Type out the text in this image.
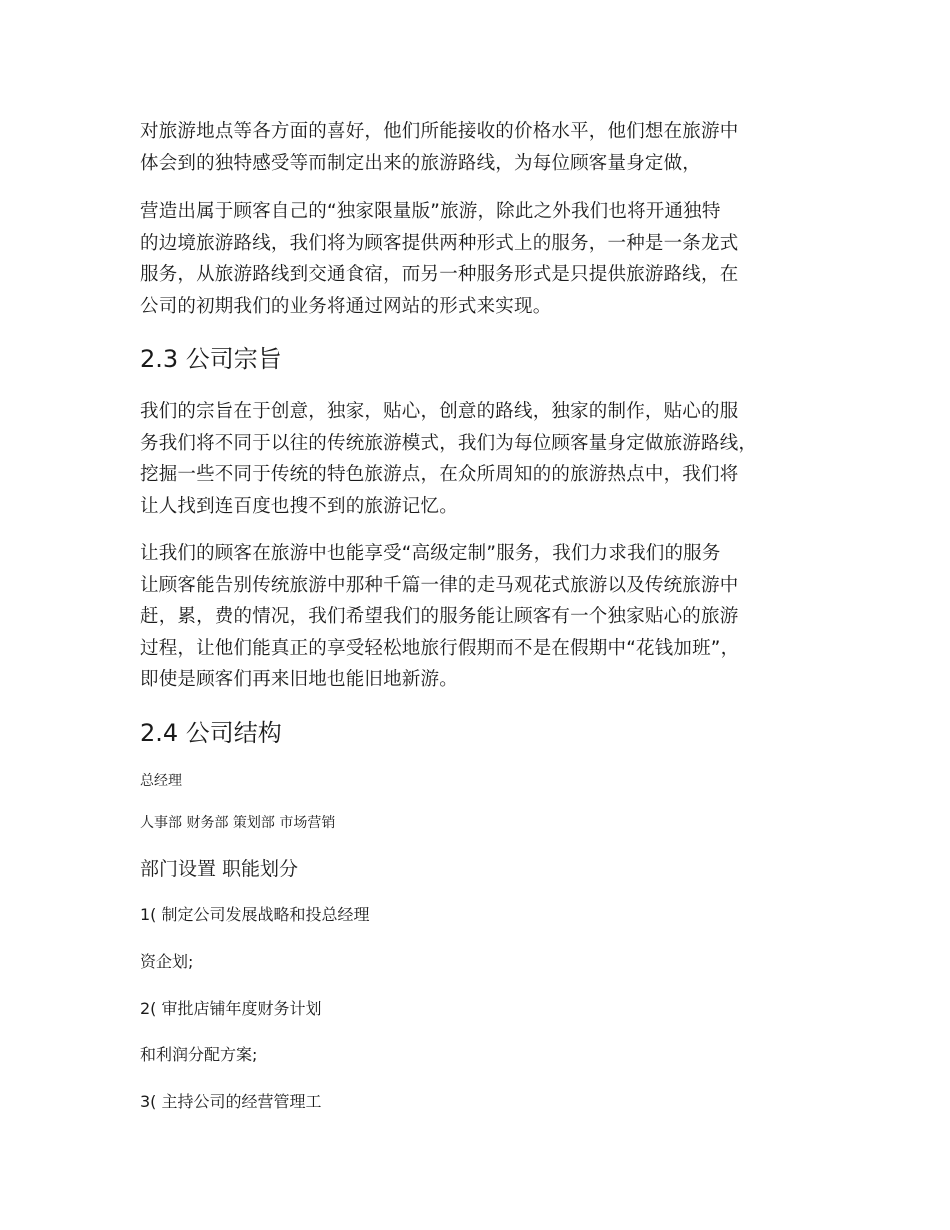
对旅游地点等各方面的喜好，他们所能接收的价格水平，他们想在旅游中
体会到的独特感受等而制定出来的旅游路线，为每位顾客量身定做，
营造出属于顾客自己的“独家限量版”旅游，除此之外我们也将开通独特
的边境旅游路线，我们将为顾客提供两种形式上的服务，一种是一条龙式
服务，从旅游路线到交通食宿，而另一种服务形式是只提供旅游路线，在
公司的初期我们的业务将通过网站的形式来实现。
2.3 公司宗旨
我们的宗旨在于创意，独家，贴心，创意的路线，独家的制作，贴心的服
务我们将不同于以往的传统旅游模式，我们为每位顾客量身定做旅游路线，
挖掘一些不同于传统的特色旅游点，在众所周知的的旅游热点中，我们将
让人找到连百度也搜不到的旅游记忆。
让我们的顾客在旅游中也能享受“高级定制”服务，我们力求我们的服务
让顾客能告别传统旅游中那种千篇一律的走马观花式旅游以及传统旅游中
赶，累，费的情况，我们希望我们的服务能让顾客有一个独家贴心的旅游
过程，让他们能真正的享受轻松地旅行假期而不是在假期中“花钱加班”，
即使是顾客们再来旧地也能旧地新游。
2.4 公司结构

总经理

人事部 财务部 策划部 市场营销

部门设置 职能划分

1( 制定公司发展战略和投总经理

资企划;

2( 审批店铺年度财务计划

和利润分配方案;

3( 主持公司的经营管理工
